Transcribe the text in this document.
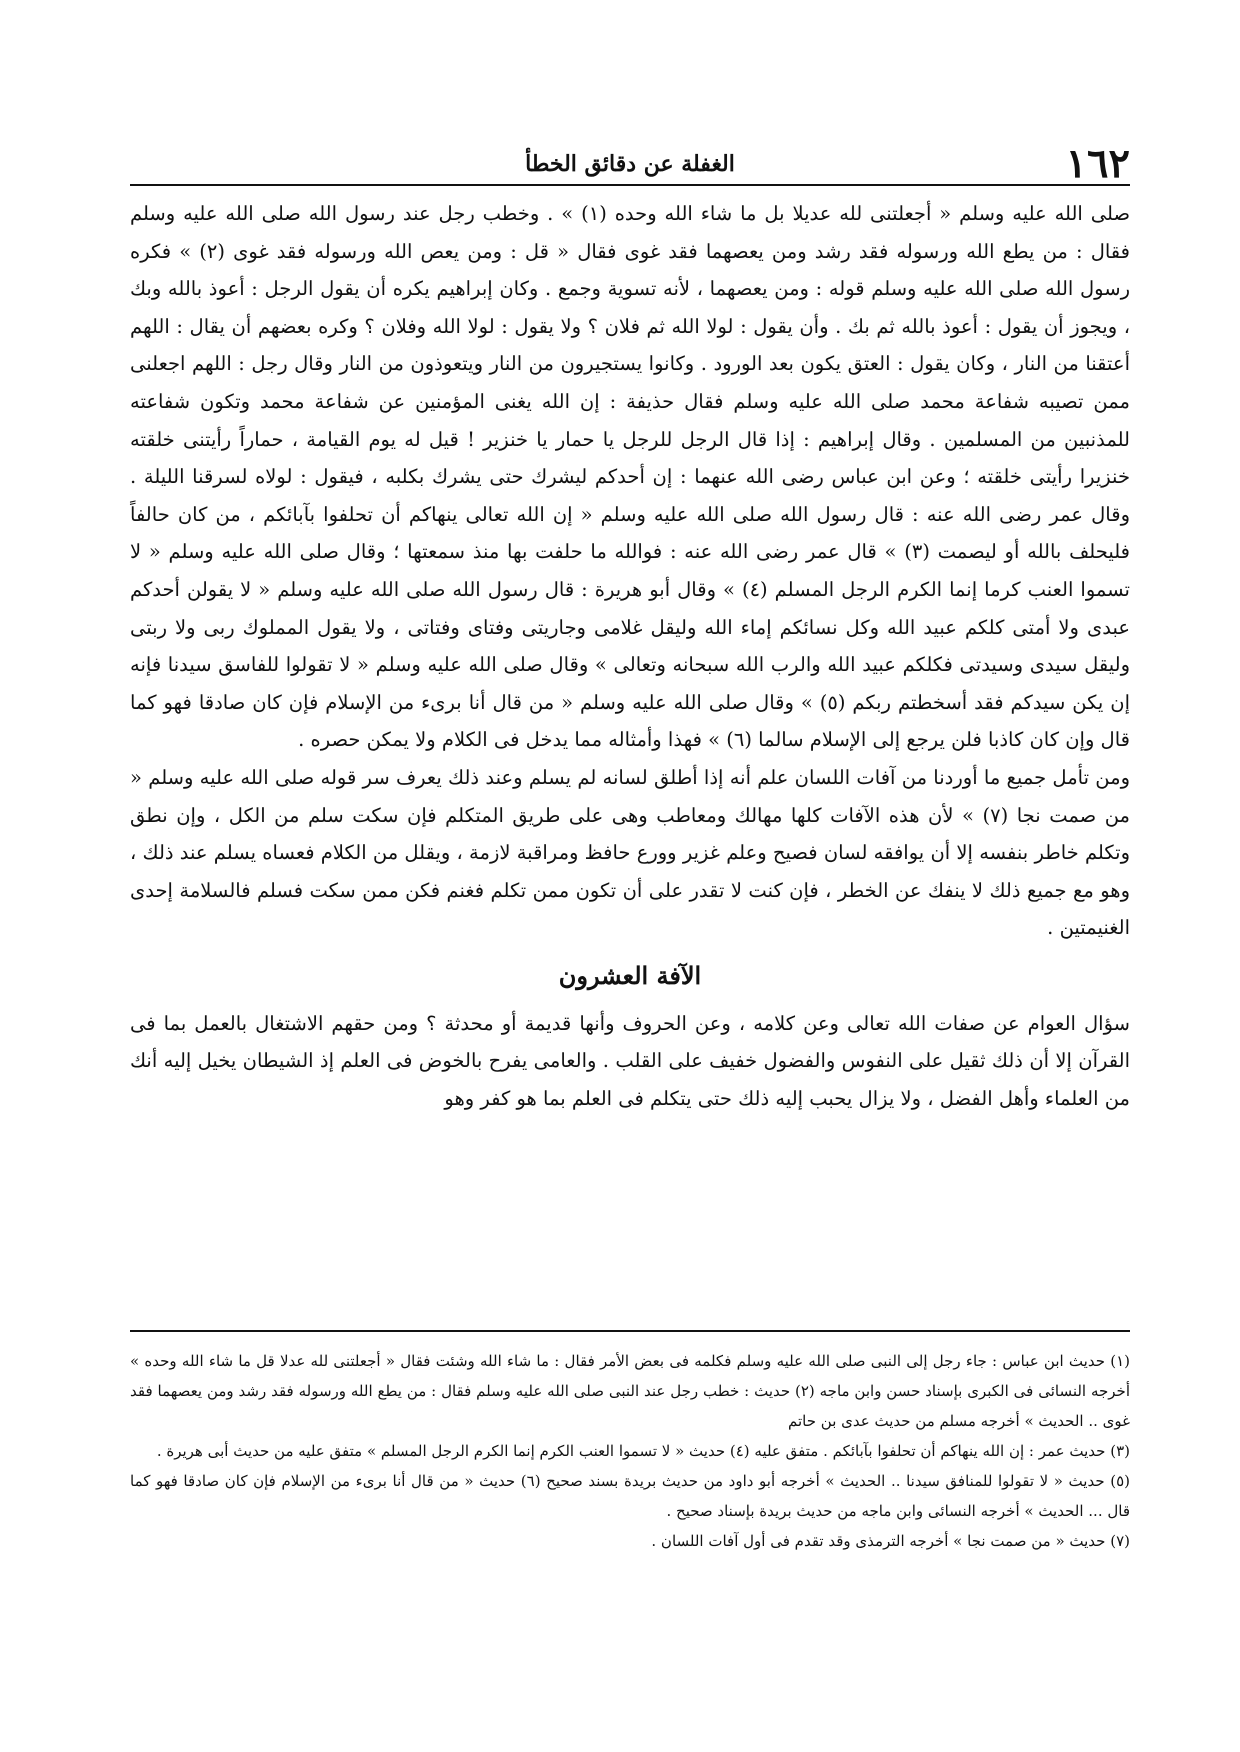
١٦٢
الغفلة عن دقائق الخطأ

صلى الله عليه وسلم « أجعلتنى لله عديلا بل ما شاء الله وحده (١) » . وخطب رجل عند رسول الله صلى الله عليه وسلم فقال : من يطع الله ورسوله فقد رشد ومن يعصهما فقد غوى فقال « قل : ومن يعص الله ورسوله فقد غوى (٢) » فكره رسول الله صلى الله عليه وسلم قوله : ومن يعصهما ، لأنه تسوية وجمع . وكان إبراهيم يكره أن يقول الرجل : أعوذ بالله وبك ، ويجوز أن يقول : أعوذ بالله ثم بك . وأن يقول : لولا الله ثم فلان ؟ ولا يقول : لولا الله وفلان ؟ وكره بعضهم أن يقال : اللهم أعتقنا من النار ، وكان يقول : العتق يكون بعد الورود . وكانوا يستجيرون من النار ويتعوذون من النار وقال رجل : اللهم اجعلنى ممن تصيبه شفاعة محمد صلى الله عليه وسلم فقال حذيفة : إن الله يغنى المؤمنين عن شفاعة محمد وتكون شفاعته للمذنبين من المسلمين . وقال إبراهيم : إذا قال الرجل للرجل يا حمار يا خنزير ! قيل له يوم القيامة ، حماراً رأيتنى خلقته خنزيرا رأيتى خلقته ؛ وعن ابن عباس رضى الله عنهما : إن أحدكم ليشرك حتى يشرك بكلبه ، فيقول : لولاه لسرقنا الليلة . وقال عمر رضى الله عنه : قال رسول الله صلى الله عليه وسلم « إن الله تعالى ينهاكم أن تحلفوا بآبائكم ، من كان حالفاً فليحلف بالله أو ليصمت (٣) » قال عمر رضى الله عنه : فوالله ما حلفت بها منذ سمعتها ؛ وقال صلى الله عليه وسلم « لا تسموا العنب كرما إنما الكرم الرجل المسلم (٤) » وقال أبو هريرة : قال رسول الله صلى الله عليه وسلم « لا يقولن أحدكم عبدى ولا أمتى كلكم عبيد الله وكل نسائكم إماء الله وليقل غلامى وجاريتى وفتاى وفتاتى ، ولا يقول المملوك ربى ولا ربتى وليقل سيدى وسيدتى فكلكم عبيد الله والرب الله سبحانه وتعالى » وقال صلى الله عليه وسلم « لا تقولوا للفاسق سيدنا فإنه إن يكن سيدكم فقد أسخطتم ربكم (٥) » وقال صلى الله عليه وسلم « من قال أنا برىء من الإسلام فإن كان صادقا فهو كما قال وإن كان كاذبا فلن يرجع إلى الإسلام سالما (٦) » فهذا وأمثاله مما يدخل فى الكلام ولا يمكن حصره .

ومن تأمل جميع ما أوردنا من آفات اللسان علم أنه إذا أطلق لسانه لم يسلم وعند ذلك يعرف سر قوله صلى الله عليه وسلم « من صمت نجا (٧) » لأن هذه الآفات كلها مهالك ومعاطب وهى على طريق المتكلم فإن سكت سلم من الكل ، وإن نطق وتكلم خاطر بنفسه إلا أن يوافقه لسان فصيح وعلم غزير وورع حافظ ومراقبة لازمة ، ويقلل من الكلام فعساه يسلم عند ذلك ، وهو مع جميع ذلك لا ينفك عن الخطر ، فإن كنت لا تقدر على أن تكون ممن تكلم فغنم فكن ممن سكت فسلم فالسلامة إحدى الغنيمتين .

الآفة العشرون

سؤال العوام عن صفات الله تعالى وعن كلامه ، وعن الحروف وأنها قديمة أو محدثة ؟ ومن حقهم الاشتغال بالعمل بما فى القرآن إلا أن ذلك ثقيل على النفوس والفضول خفيف على القلب . والعامى يفرح بالخوض فى العلم إذ الشيطان يخيل إليه أنك من العلماء وأهل الفضل ، ولا يزال يحبب إليه ذلك حتى يتكلم فى العلم بما هو كفر وهو

(١) حديث ابن عباس : جاء رجل إلى النبى صلى الله عليه وسلم فكلمه فى بعض الأمر فقال : ما شاء الله وشئت فقال « أجعلتنى لله عدلا قل ما شاء الله وحده » أخرجه النسائى فى الكبرى بإسناد حسن وابن ماجه (٢) حديث : خطب رجل عند النبى صلى الله عليه وسلم فقال : من يطع الله ورسوله فقد رشد ومن يعصهما فقد غوى .. الحديث » أخرجه مسلم من حديث عدى بن حاتم

(٣) حديث عمر : إن الله ينهاكم أن تحلفوا بآبائكم . متفق عليه (٤) حديث « لا تسموا العنب الكرم إنما الكرم الرجل المسلم » متفق عليه من حديث أبى هريرة .

(٥) حديث « لا تقولوا للمنافق سيدنا .. الحديث » أخرجه أبو داود من حديث بريدة بسند صحيح (٦) حديث « من قال أنا برىء من الإسلام فإن كان صادقا فهو كما قال ... الحديث » أخرجه النسائى وابن ماجه من حديث بريدة بإسناد صحيح .

(٧) حديث « من صمت نجا » أخرجه الترمذى وقد تقدم فى أول آفات اللسان .
